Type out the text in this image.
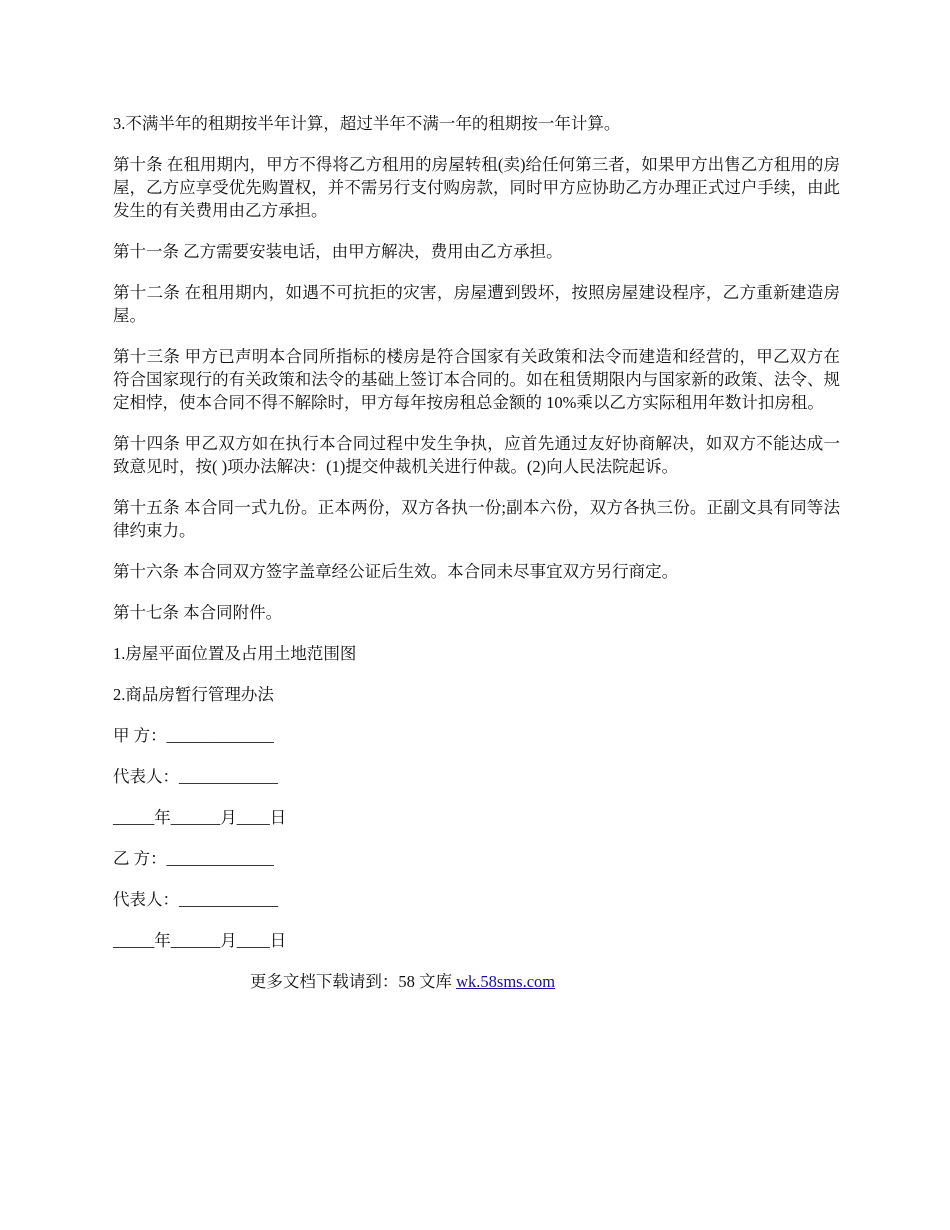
3.不满半年的租期按半年计算，超过半年不满一年的租期按一年计算。

第十条 在租用期内，甲方不得将乙方租用的房屋转租(卖)给任何第三者，如果甲方出售乙方租用的房屋，乙方应享受优先购置权，并不需另行支付购房款，同时甲方应协助乙方办理正式过户手续，由此发生的有关费用由乙方承担。

第十一条 乙方需要安装电话，由甲方解决，费用由乙方承担。

第十二条 在租用期内，如遇不可抗拒的灾害，房屋遭到毁坏，按照房屋建设程序，乙方重新建造房屋。

第十三条 甲方已声明本合同所指标的楼房是符合国家有关政策和法令而建造和经营的，甲乙双方在符合国家现行的有关政策和法令的基础上签订本合同的。如在租赁期限内与国家新的政策、法令、规定相悖，使本合同不得不解除时，甲方每年按房租总金额的 10%乘以乙方实际租用年数计扣房租。

第十四条 甲乙双方如在执行本合同过程中发生争执，应首先通过友好协商解决，如双方不能达成一致意见时，按( )项办法解决：(1)提交仲裁机关进行仲裁。(2)向人民法院起诉。

第十五条 本合同一式九份。正本两份，双方各执一份;副本六份，双方各执三份。正副文具有同等法律约束力。

第十六条 本合同双方签字盖章经公证后生效。本合同未尽事宜双方另行商定。

第十七条 本合同附件。

1.房屋平面位置及占用土地范围图

2.商品房暂行管理办法

甲 方：_____________

代表人：____________

_____年______月____日

乙 方：_____________

代表人：____________

_____年______月____日

更多文档下载请到：58 文库 wk.58sms.com
